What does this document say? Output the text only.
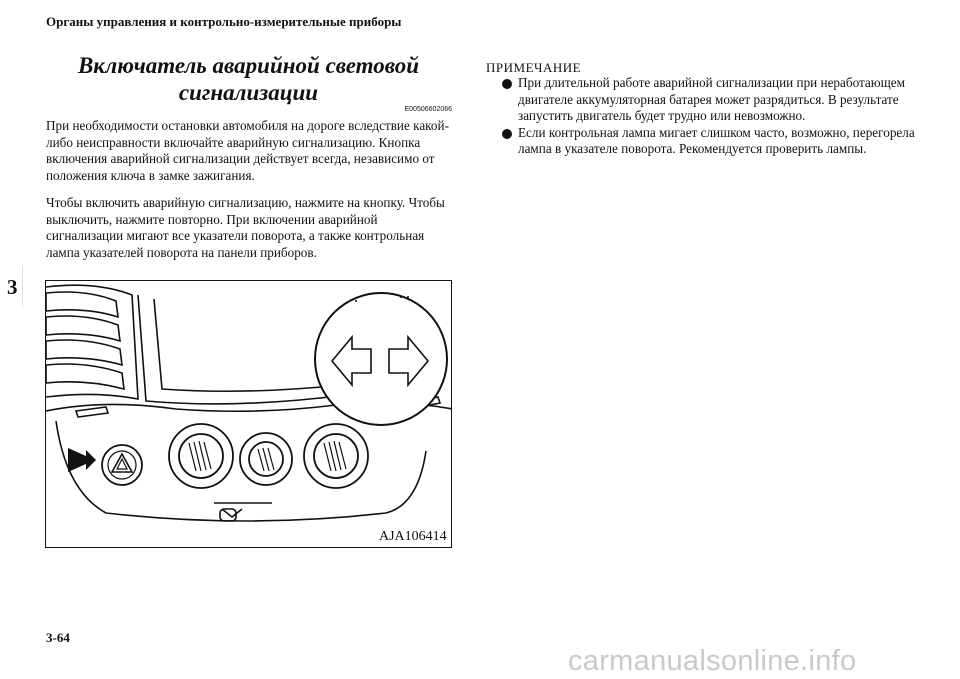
Органы управления и контрольно-измерительные приборы
3
Включатель аварийной световой сигнализации
E00506602066

При необходимости остановки автомобиля на дороге вследствие какой-либо неисправности включайте аварийную сигнализацию. Кнопка включения аварийной сигнализации действует всегда, независимо от положения ключа в замке зажигания.

Чтобы включить аварийную сигнализацию, нажмите на кнопку. Чтобы выключить, нажмите повторно. При включении аварийной сигнализации мигают все указатели поворота, а также контрольная лампа указателей поворота на панели приборов.

AJA106414
ПРИМЕЧАНИЕ
При длительной работе аварийной сигнализации при неработающем двигателе аккумуляторная батарея может разрядиться. В результате запустить двигатель будет трудно или невозможно.
Если контрольная лампа мигает слишком часто, возможно, перегорела лампа в указателе поворота. Рекомендуется проверить лампы.
3-64
carmanualsonline.info
